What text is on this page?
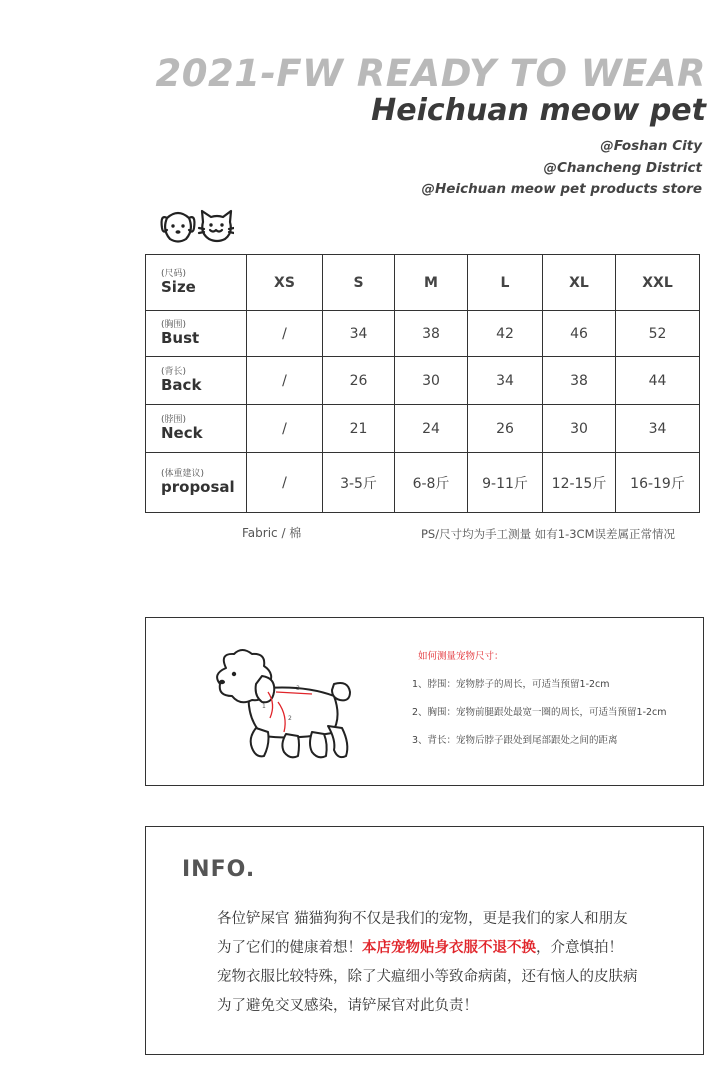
2021-FW READY TO WEAR
Heichuan meow pet
@Foshan City
@Chancheng District
@Heichuan meow pet products store
(尺码)
Size	XS	S	M	L	XL	XXL

(胸围)
Bust	/	34	38	42	46	52

(背长)
Back	/	26	30	34	38	44

(脖围)
Neck	/	21	24	26	30	34

(体重建议)
proposal	/	3-5斤	6-8斤	9-11斤	12-15斤	16-19斤
Fabric / 棉	PS/尺寸均为手工测量 如有1-3CM误差属正常情况
1
2
3
如何测量宠物尺寸：
1、脖围：宠物脖子的周长，可适当预留1-2cm
2、胸围：宠物前腿跟处最宽一圈的周长，可适当预留1-2cm
3、背长：宠物后脖子跟处到尾部跟处之间的距离
INFO.
各位铲屎官 猫猫狗狗不仅是我们的宠物，更是我们的家人和朋友
为了它们的健康着想！本店宠物贴身衣服不退不换，介意慎拍！
宠物衣服比较特殊，除了犬瘟细小等致命病菌，还有恼人的皮肤病
为了避免交叉感染，请铲屎官对此负责！
